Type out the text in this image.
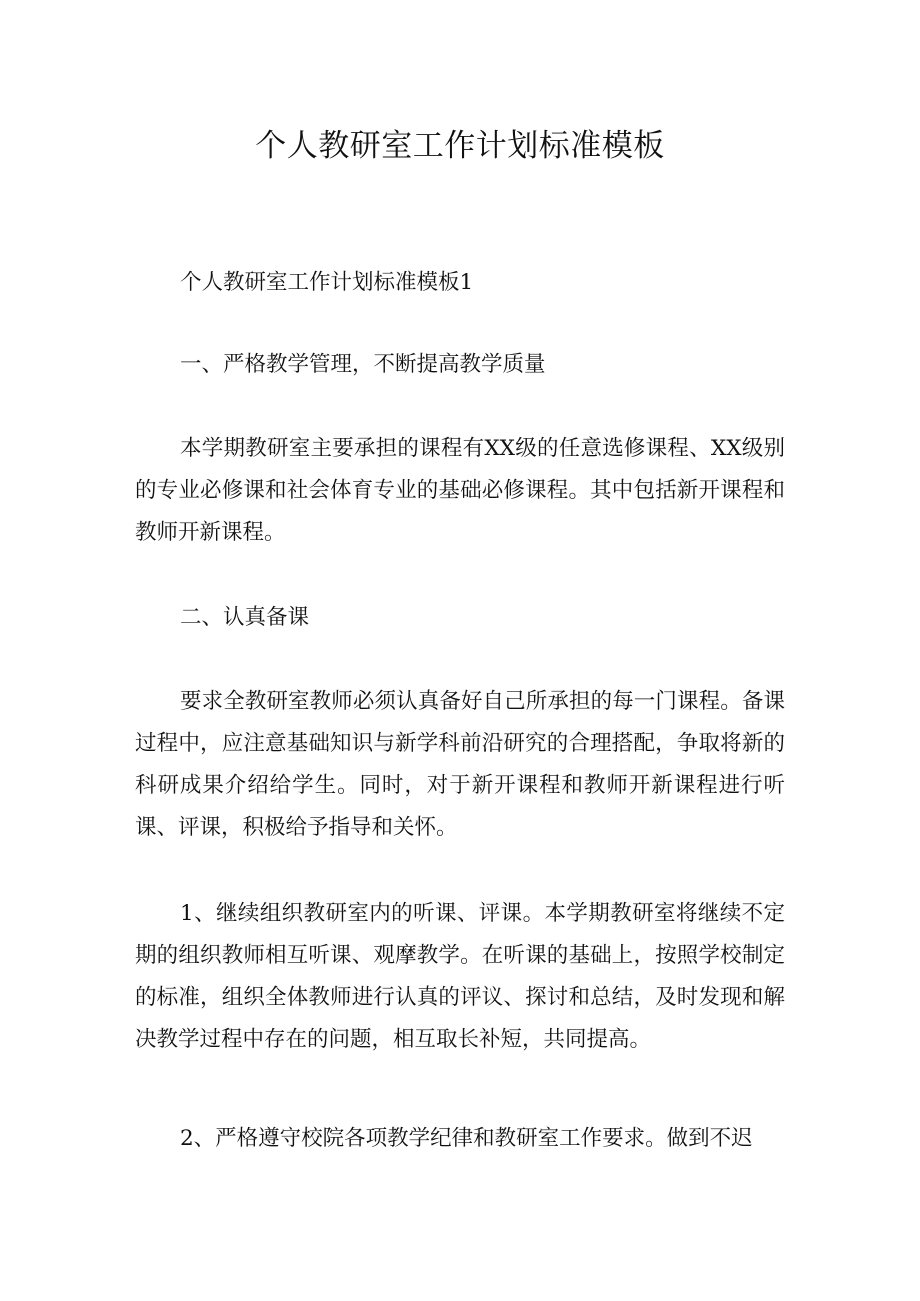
个人教研室工作计划标准模板

个人教研室工作计划标准模板1

一、严格教学管理，不断提高教学质量

本学期教研室主要承担的课程有XX级的任意选修课程、XX级别的专业必修课和社会体育专业的基础必修课程。其中包括新开课程和教师开新课程。

二、认真备课

要求全教研室教师必须认真备好自己所承担的每一门课程。备课过程中，应注意基础知识与新学科前沿研究的合理搭配，争取将新的科研成果介绍给学生。同时，对于新开课程和教师开新课程进行听课、评课，积极给予指导和关怀。

1、继续组织教研室内的听课、评课。本学期教研室将继续不定期的组织教师相互听课、观摩教学。在听课的基础上，按照学校制定的标准，组织全体教师进行认真的评议、探讨和总结，及时发现和解决教学过程中存在的问题，相互取长补短，共同提高。

2、严格遵守校院各项教学纪律和教研室工作要求。做到不迟
